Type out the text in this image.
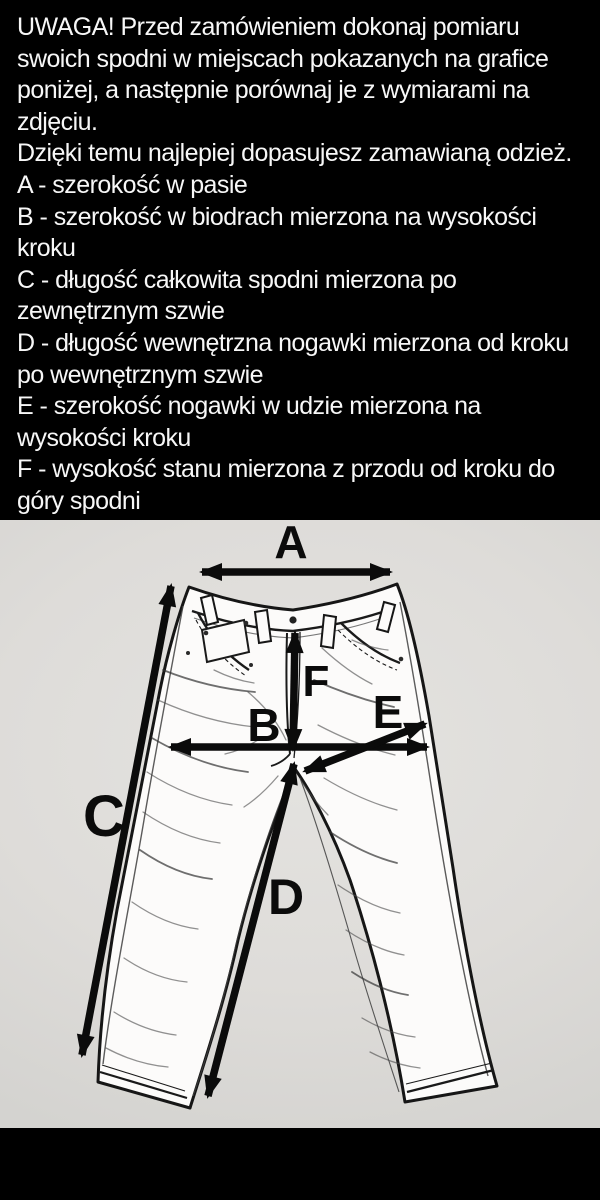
UWAGA! Przed zamówieniem dokonaj pomiaru
swoich spodni w miejscach pokazanych na grafice
poniżej, a następnie porównaj je z wymiarami na
zdjęciu.
Dzięki temu najlepiej dopasujesz zamawianą odzież.
A - szerokość w pasie
B - szerokość w biodrach mierzona na wysokości
kroku
C - długość całkowita spodni mierzona po
zewnętrznym szwie
D - długość wewnętrzna nogawki mierzona od kroku
po wewnętrznym szwie
E - szerokość nogawki w udzie mierzona na
wysokości kroku
F - wysokość stanu mierzona z przodu od kroku do
góry spodni
A
B
C
D
E
F
